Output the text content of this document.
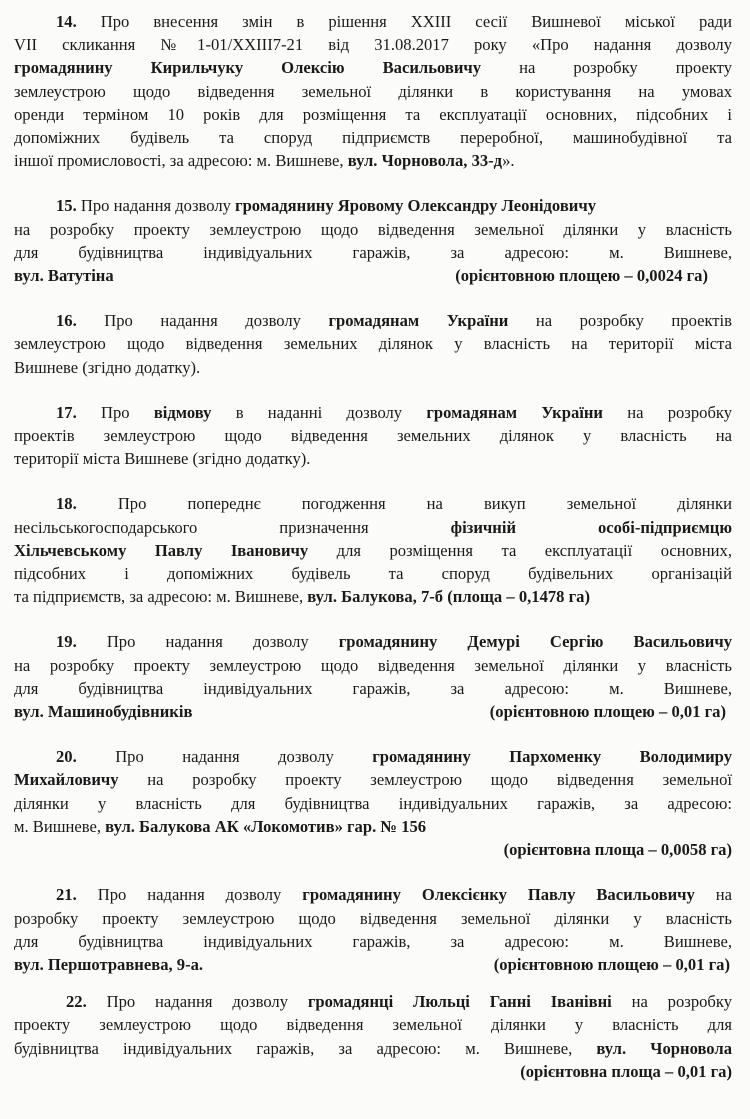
14. Про внесення змін в рішення XXIII сесії Вишневої міської ради
VII скликання №1-01/XXIII7-21 від 31.08.2017 року «Про надання дозволу
громадянину Кирильчуку Олексію Васильовичу на розробку проекту
землеустрою щодо відведення земельної ділянки в користування на умовах
оренди терміном 10 років для розміщення та експлуатації основних, підсобних і
допоміжних будівель та споруд підприємств переробної, машинобудівної та
іншої промисловості, за адресою: м. Вишневе, вул. Чорновола, 33-д».

15. Про надання дозволу громадянину Яровому Олександру Леонідовичу
на розробку проекту землеустрою щодо відведення земельної ділянки у власність
для будівництва індивідуальних гаражів, за адресою: м. Вишневе,
вул. Ватутіна	(орієнтовною площею – 0,0024 га)

16. Про надання дозволу громадянам України на розробку проектів
землеустрою щодо відведення земельних ділянок у власність на території міста
Вишневе (згідно додатку).

17. Про відмову в наданні дозволу громадянам України на розробку
проектів землеустрою щодо відведення земельних ділянок у власність на
території міста Вишневе (згідно додатку).

18. Про попереднє погодження на викуп земельної ділянки
несільськогосподарського призначення фізичній особі-підприємцю
Хільчевському Павлу Івановичу для розміщення та експлуатації основних,
підсобних і допоміжних будівель та споруд будівельних організацій
та підприємств, за адресою: м. Вишневе, вул. Балукова, 7-б (площа – 0,1478 га)

19. Про надання дозволу громадянину Демурі Сергію Васильовичу
на розробку проекту землеустрою щодо відведення земельної ділянки у власність
для будівництва індивідуальних гаражів, за адресою: м. Вишневе,
вул. Машинобудівників	(орієнтовною площею – 0,01 га)

20. Про надання дозволу громадянину Пархоменку Володимиру
Михайловичу на розробку проекту землеустрою щодо відведення земельної
ділянки у власність для будівництва індивідуальних гаражів, за адресою:
м. Вишневе, вул. Балукова АК «Локомотив» гар. № 156
(орієнтовна площа – 0,0058 га)

21. Про надання дозволу громадянину Олексієнку Павлу Васильовичу на
розробку проекту землеустрою щодо відведення земельної ділянки у власність
для будівництва індивідуальних гаражів, за адресою: м. Вишневе,
вул. Першотравнева, 9-а.	(орієнтовною площею – 0,01 га)

22. Про надання дозволу громадянці Люльці Ганні Іванівні на розробку
проекту землеустрою щодо відведення земельної ділянки у власність для
будівництва індивідуальних гаражів, за адресою: м. Вишневе, вул. Чорновола
(орієнтовна площа – 0,01 га)
